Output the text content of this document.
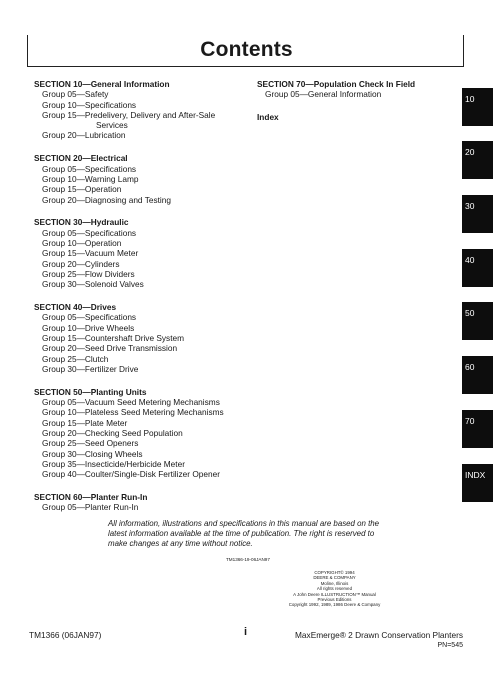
Contents
SECTION 10—General Information
Group 05—Safety
Group 10—Specifications
Group 15—Predelivery, Delivery and After-Sale
Services
Group 20—Lubrication
SECTION 20—Electrical
Group 05—Specifications
Group 10—Warning Lamp
Group 15—Operation
Group 20—Diagnosing and Testing
SECTION 30—Hydraulic
Group 05—Specifications
Group 10—Operation
Group 15—Vacuum Meter
Group 20—Cylinders
Group 25—Flow Dividers
Group 30—Solenoid Valves
SECTION 40—Drives
Group 05—Specifications
Group 10—Drive Wheels
Group 15—Countershaft Drive System
Group 20—Seed Drive Transmission
Group 25—Clutch
Group 30—Fertilizer Drive
SECTION 50—Planting Units
Group 05—Vacuum Seed Metering Mechanisms
Group 10—Plateless Seed Metering Mechanisms
Group 15—Plate Meter
Group 20—Checking Seed Population
Group 25—Seed Openers
Group 30—Closing Wheels
Group 35—Insecticide/Herbicide Meter
Group 40—Coulter/Single-Disk Fertilizer Opener
SECTION 60—Planter Run-In
Group 05—Planter Run-In
SECTION 70—Population Check In Field
Group 05—General Information
Index
10
20
30
40
50
60
70
INDX
All information, illustrations and specifications in this manual are based on the latest information available at the time of publication. The right is reserved to make changes at any time without notice.
TM1366-19-06JAN97
COPYRIGHT© 1994
DEERE & COMPANY
Moline, Illinois
All rights reserved
A John Deere ILLUSTRUCTION™ Manual
Previous Editions
Copyright 1992, 1989, 1986 Deere & Company
TM1366 (06JAN97)	i	MaxEmerge® 2 Drawn Conservation Planters
PN=545
